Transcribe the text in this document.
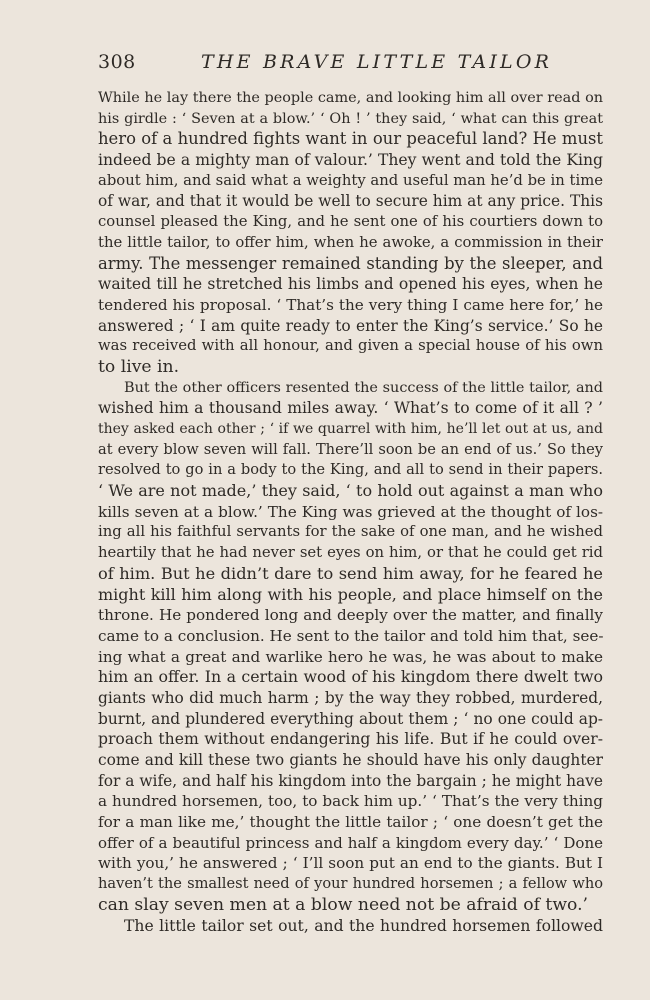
308	THE BRAVE LITTLE TAILOR
While he lay there the people came, and looking him all over read on
his girdle : ‘ Seven at a blow.’ ‘ Oh ! ’ they said, ‘ what can this great
hero of a hundred fights want in our peaceful land? He must
indeed be a mighty man of valour.’ They went and told the King
about him, and said what a weighty and useful man he’d be in time
of war, and that it would be well to secure him at any price. This
counsel pleased the King, and he sent one of his courtiers down to
the little tailor, to offer him, when he awoke, a commission in their
army. The messenger remained standing by the sleeper, and
waited till he stretched his limbs and opened his eyes, when he
tendered his proposal. ‘ That’s the very thing I came here for,’ he
answered ; ‘ I am quite ready to enter the King’s service.’ So he
was received with all honour, and given a special house of his own
to live in.
But the other officers resented the success of the little tailor, and
wished him a thousand miles away. ‘ What’s to come of it all ? ’
they asked each other ; ‘ if we quarrel with him, he’ll let out at us, and
at every blow seven will fall. There’ll soon be an end of us.’ So they
resolved to go in a body to the King, and all to send in their papers.
‘ We are not made,’ they said, ‘ to hold out against a man who
kills seven at a blow.’ The King was grieved at the thought of los-
ing all his faithful servants for the sake of one man, and he wished
heartily that he had never set eyes on him, or that he could get rid
of him. But he didn’t dare to send him away, for he feared he
might kill him along with his people, and place himself on the
throne. He pondered long and deeply over the matter, and finally
came to a conclusion. He sent to the tailor and told him that, see-
ing what a great and warlike hero he was, he was about to make
him an offer. In a certain wood of his kingdom there dwelt two
giants who did much harm ; by the way they robbed, murdered,
burnt, and plundered everything about them ; ‘ no one could ap-
proach them without endangering his life. But if he could over-
come and kill these two giants he should have his only daughter
for a wife, and half his kingdom into the bargain ; he might have
a hundred horsemen, too, to back him up.’ ‘ That’s the very thing
for a man like me,’ thought the little tailor ; ‘ one doesn’t get the
offer of a beautiful princess and half a kingdom every day.’ ‘ Done
with you,’ he answered ; ‘ I’ll soon put an end to the giants. But I
haven’t the smallest need of your hundred horsemen ; a fellow who
can slay seven men at a blow need not be afraid of two.’
The little tailor set out, and the hundred horsemen followed
